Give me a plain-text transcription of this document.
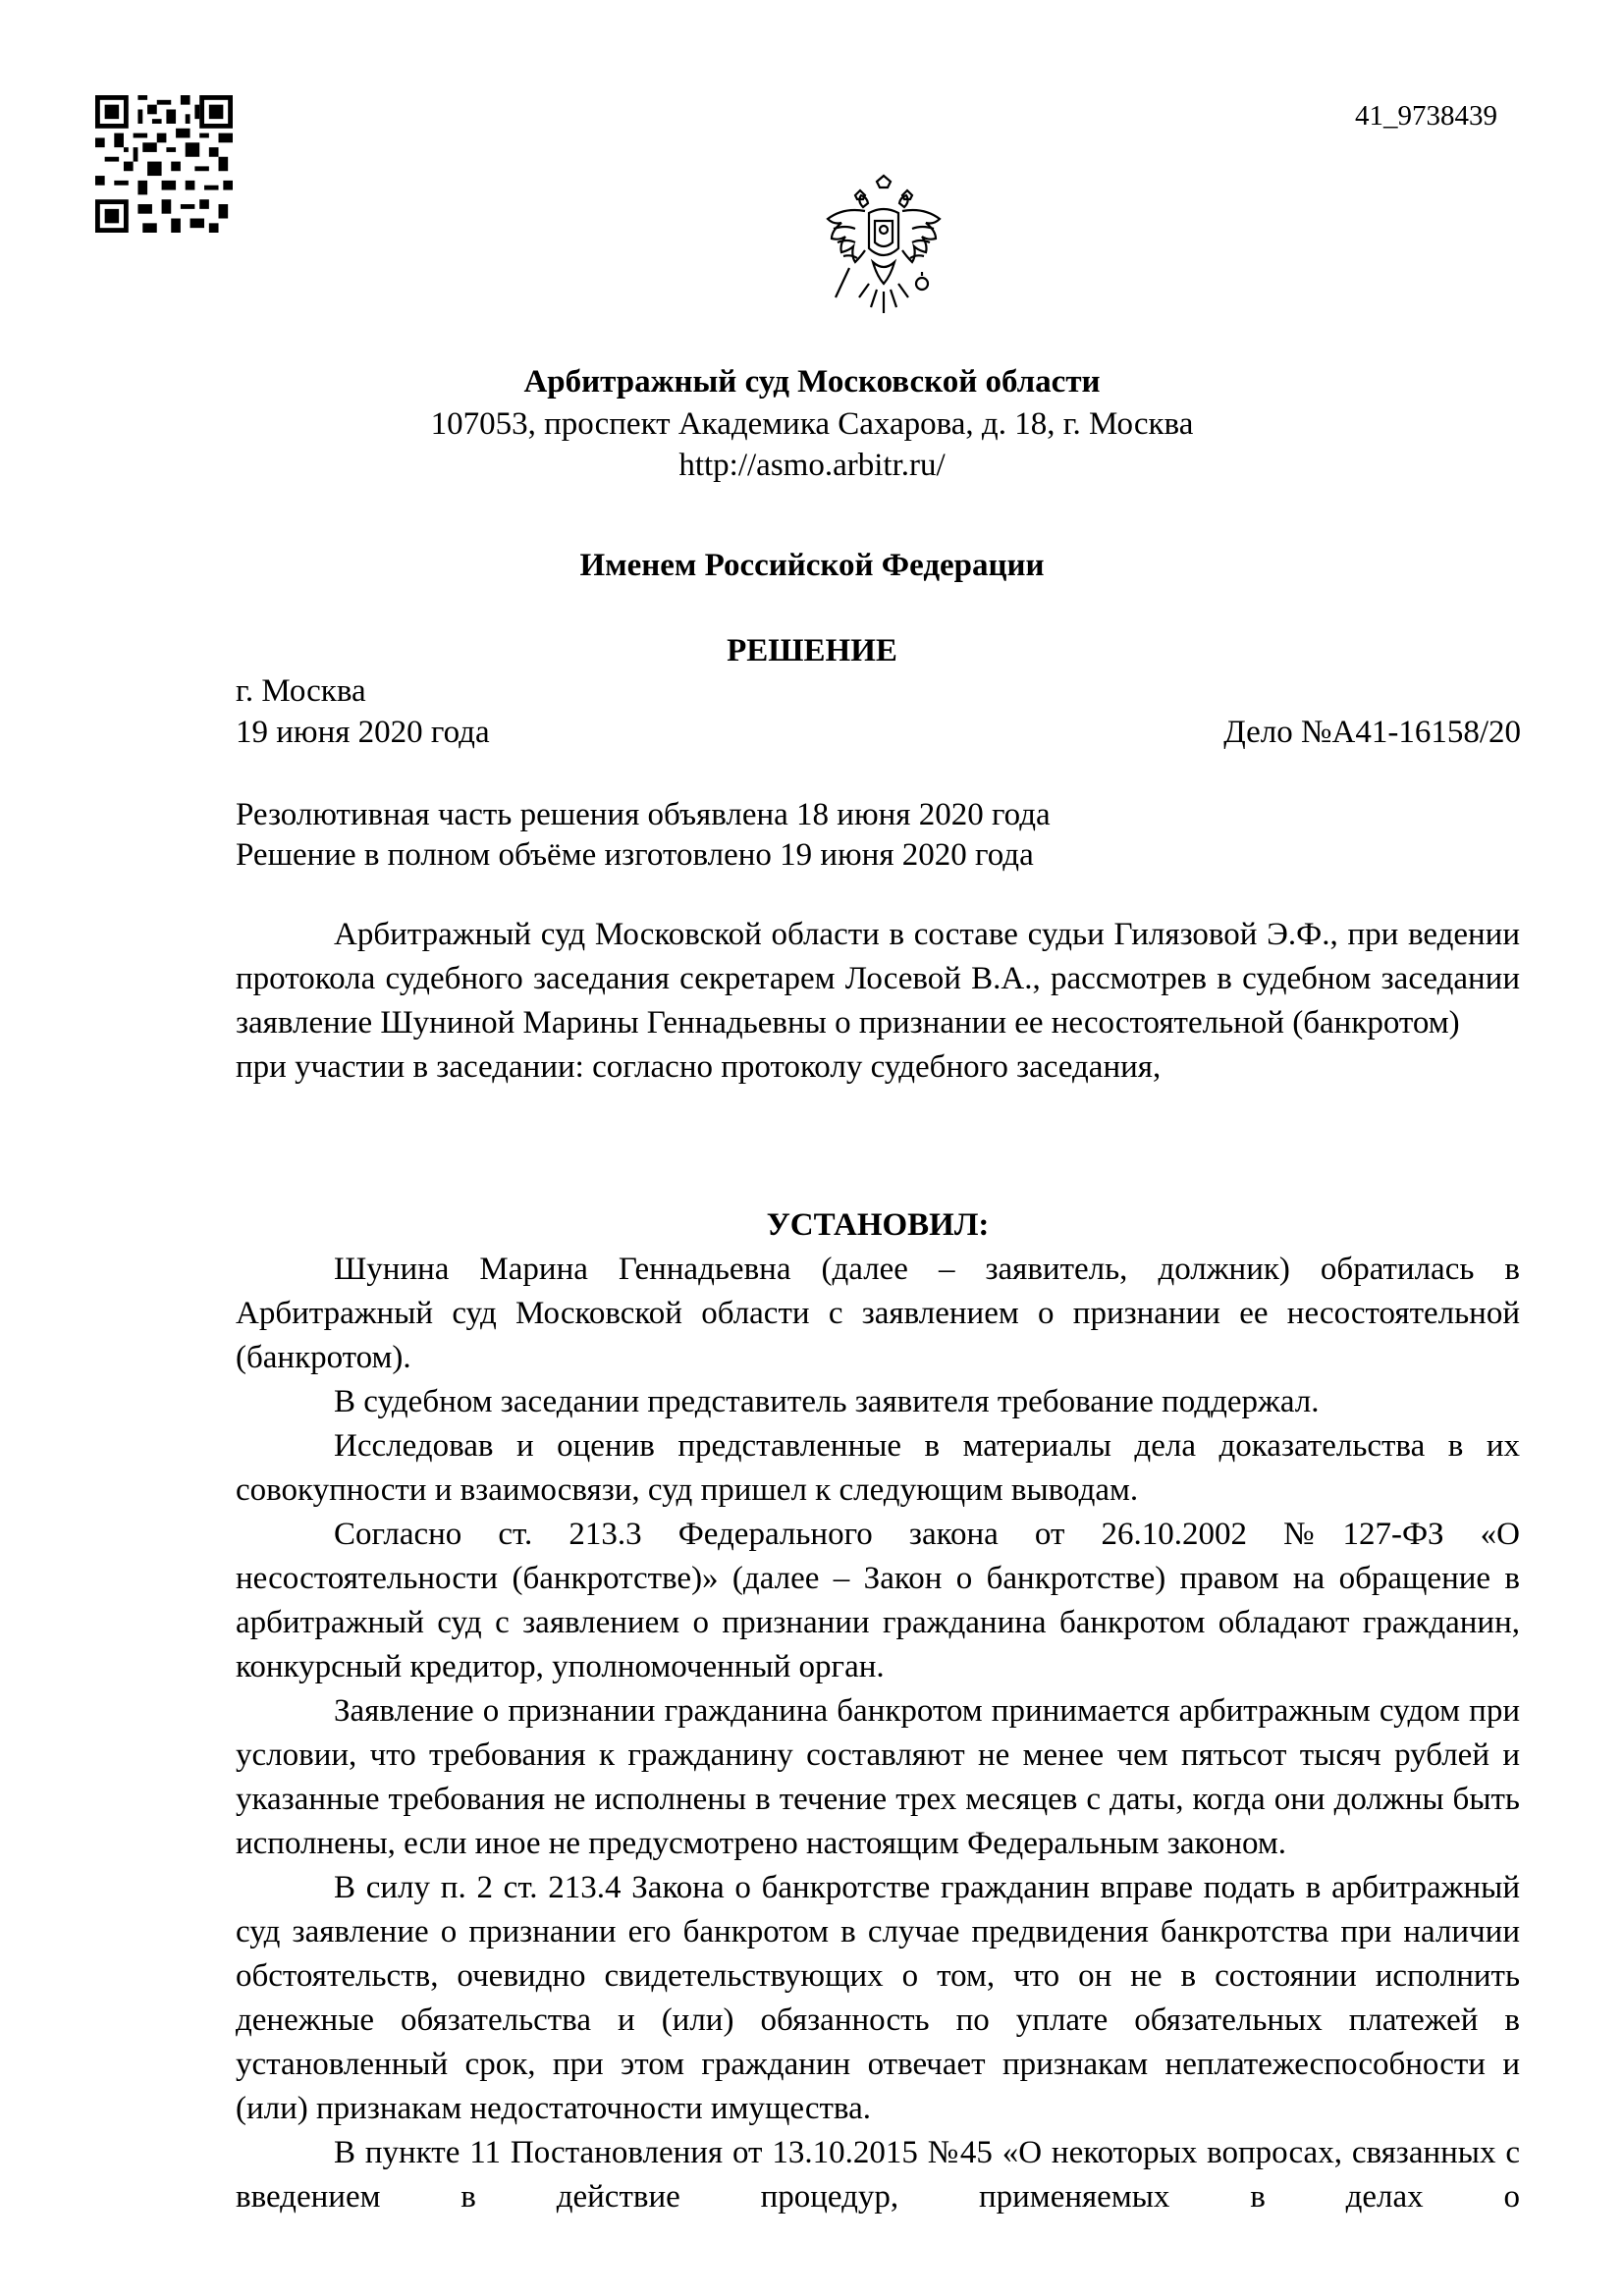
41_9738439
Арбитражный суд Московской области
107053, проспект Академика Сахарова, д. 18, г. Москва
http://asmo.arbitr.ru/
Именем Российской Федерации
РЕШЕНИЕ
г. Москва
19 июня 2020 года	Дело №А41-16158/20
Резолютивная часть решения объявлена 18 июня 2020 года
Решение в полном объёме изготовлено 19 июня 2020 года

Арбитражный суд Московской области в составе судьи Гилязовой Э.Ф., при ведении протокола судебного заседания секретарем Лосевой В.А., рассмотрев в судебном заседании заявление Шуниной Марины Геннадьевны о признании ее несостоятельной (банкротом)

при участии в заседании: согласно протоколу судебного заседания,

УСТАНОВИЛ:

Шунина Марина Геннадьевна (далее – заявитель, должник) обратилась в Арбитражный суд Московской области с заявлением о признании ее несостоятельной (банкротом).

В судебном заседании представитель заявителя требование поддержал.

Исследовав и оценив представленные в материалы дела доказательства в их совокупности и взаимосвязи, суд пришел к следующим выводам.

Согласно ст. 213.3 Федерального закона от 26.10.2002 №127-ФЗ «О несостоятельности (банкротстве)» (далее – Закон о банкротстве) правом на обращение в арбитражный суд с заявлением о признании гражданина банкротом обладают гражданин, конкурсный кредитор, уполномоченный орган.

Заявление о признании гражданина банкротом принимается арбитражным судом при условии, что требования к гражданину составляют не менее чем пятьсот тысяч рублей и указанные требования не исполнены в течение трех месяцев с даты, когда они должны быть исполнены, если иное не предусмотрено настоящим Федеральным законом.

В силу п. 2 ст. 213.4 Закона о банкротстве гражданин вправе подать в арбитражный суд заявление о признании его банкротом в случае предвидения банкротства при наличии обстоятельств, очевидно свидетельствующих о том, что он не в состоянии исполнить денежные обязательства и (или) обязанность по уплате обязательных платежей в установленный срок, при этом гражданин отвечает признакам неплатежеспособности и (или) признакам недостаточности имущества.

В пункте 11 Постановления от 13.10.2015 №45 «О некоторых вопросах, связанных с введением в действие процедур, применяемых в делах о
